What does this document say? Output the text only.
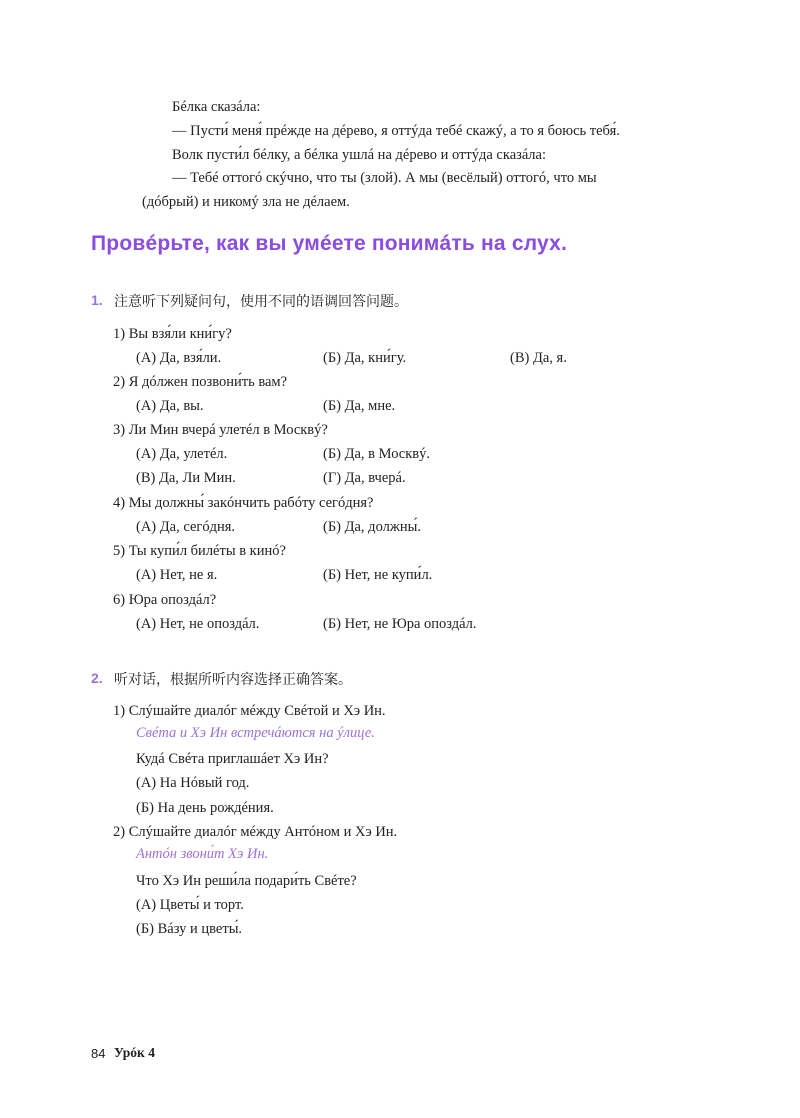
Бéлка сказáла:
— Пусти́ меня́ прéжде на дéрево, я оттýда тебé скажý, а то я боюсь тебя́.
Волк пусти́л бéлку, а бéлка ушлá на дéрево и оттýда сказáла:
— Тебé оттогó скýчно, что ты (злой). А мы (весёлый) оттогó, что мы
(дóбрый) и никомý зла не дéлаем.
Провéрьте, как вы умéете понимáть на слух.
1. 注意听下列疑问句，使用不同的语调回答问题。
1) Вы взя́ли кни́гу?
(А) Да, взя́ли.	(Б) Да, кни́гу.	(В) Да, я.
2) Я дóлжен позвони́ть вам?
(А) Да, вы.	(Б) Да, мне.
3) Ли Мин вчерá улетéл в Москвý?
(А) Да, улетéл.	(Б) Да, в Москвý.
(В) Да, Ли Мин.	(Г) Да, вчерá.
4) Мы должны́ закóнчить рабóту сегóдня?
(А) Да, сегóдня.	(Б) Да, должны́.
5) Ты купи́л билéты в кинó?
(А) Нет, не я.	(Б) Нет, не купи́л.
6) Юра опоздáл?
(А) Нет, не опоздáл.	(Б) Нет, не Юра опоздáл.
2. 听对话，根据所听内容选择正确答案。
1) Слýшайте диалóг мéжду Свéтой и Хэ Ин.
Свéта и Хэ Ин встречáются на ýлице.
Кудá Свéта приглашáет Хэ Ин?
(А) На Нóвый год.
(Б) На день рождéния.
2) Слýшайте диалóг мéжду Антóном и Хэ Ин.
Антóн звони́т Хэ Ин.
Что Хэ Ин реши́ла подари́ть Свéте?
(А) Цветы́ и торт.
(Б) Вáзу и цветы́.
84 Урóк 4
